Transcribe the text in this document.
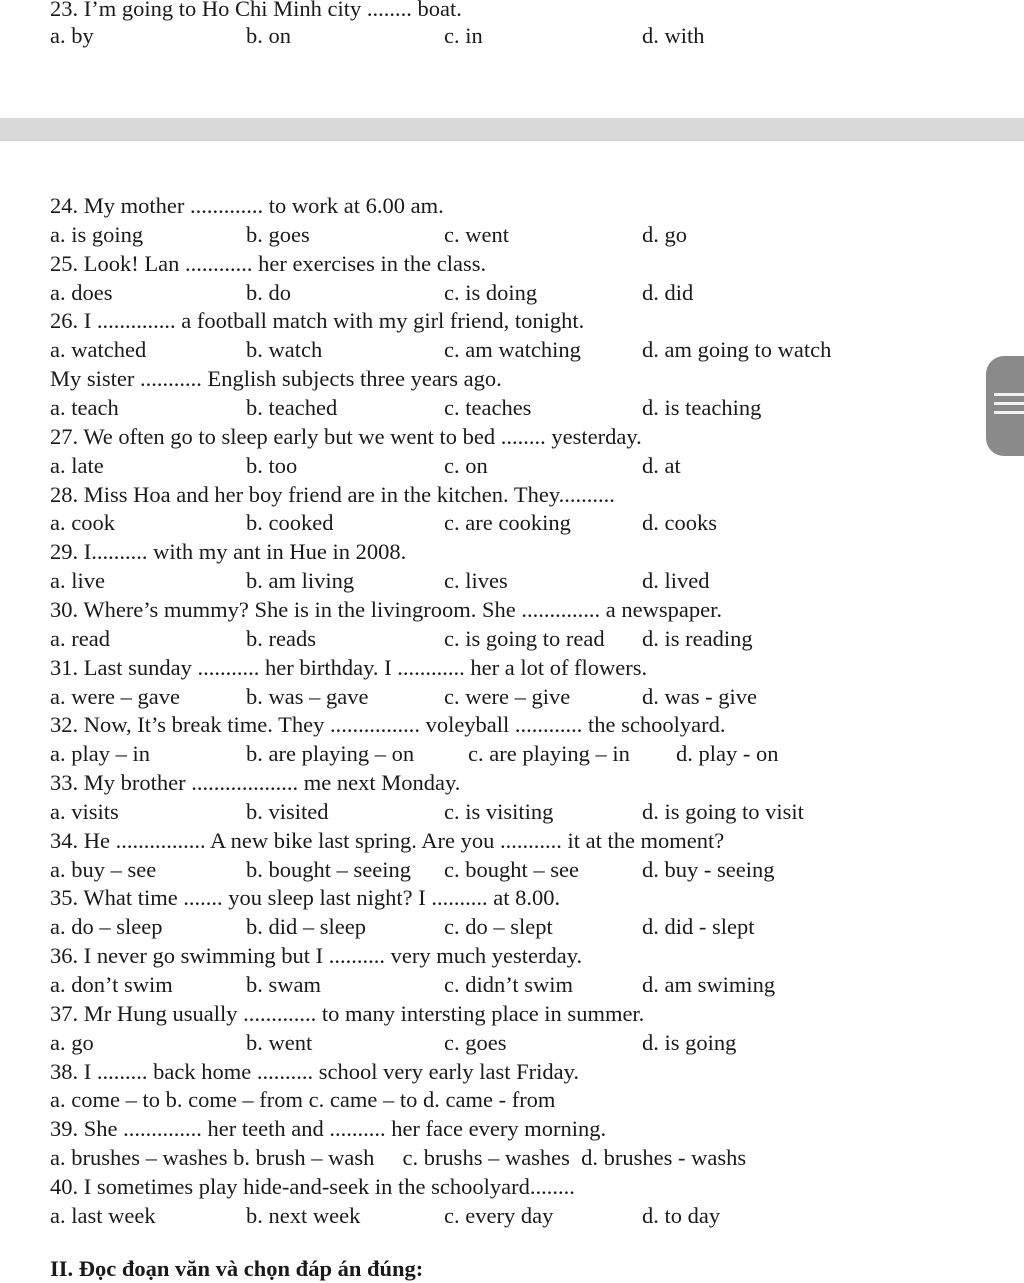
23. I’m going to Ho Chi Minh city ........ boat.
a. by	b. on	c. in	d. with
24. My mother ............. to work at 6.00 am.
a. is going	b. goes	c. went	d. go
25. Look! Lan ............ her exercises in the class.
a. does	b. do	c. is doing	d. did
26. I .............. a football match with my girl friend, tonight.
a. watched	b. watch	c. am watching	d. am going to watch
My sister ........... English subjects three years ago.
a. teach	b. teached	c. teaches	d. is teaching
27. We often go to sleep early but we went to bed ........ yesterday.
a. late	b. too	c. on	d. at
28. Miss Hoa and her boy friend are in the kitchen. They..........
a. cook	b. cooked	c. are cooking	d. cooks
29. I.......... with my ant in Hue in 2008.
a. live	b. am living	c. lives	d. lived
30. Where’s mummy? She is in the livingroom. She .............. a newspaper.
a. read	b. reads	c. is going to read d. is reading
31. Last sunday ........... her birthday. I ............ her a lot of flowers.
a. were – gave	b. was – gave	c. were – give	d. was - give
32. Now, It’s break time. They ................ voleyball ............ the schoolyard.
a. play – in	b. are playing – on c. are playing – in d. play - on
33. My brother ................... me next Monday.
a. visits	b. visited	c. is visiting	d. is going to visit
34. He ................ A new bike last spring. Are you ........... it at the moment?
a. buy – see	b. bought – seeing c. bought – see	d. buy - seeing
35. What time ....... you sleep last night? I .......... at 8.00.
a. do – sleep	b. did – sleep	c. do – slept	d. did - slept
36. I never go swimming but I .......... very much yesterday.
a. don’t swim	b. swam	c. didn’t swim	d. am swiming
37. Mr Hung usually ............. to many intersting place in summer.
a. go	b. went	c. goes	d. is going
38. I ......... back home .......... school very early last Friday.
a. come – to b. come – from c. came – to d. came - from
39. She .............. her teeth and .......... her face every morning.
a. brushes – washes b. brush – wash     c. brushs – washes  d. brushes - washs
40. I sometimes play hide-and-seek in the schoolyard........
a. last week	b. next week	c. every day	d. to day
II. Đọc đoạn văn và chọn đáp án đúng:
